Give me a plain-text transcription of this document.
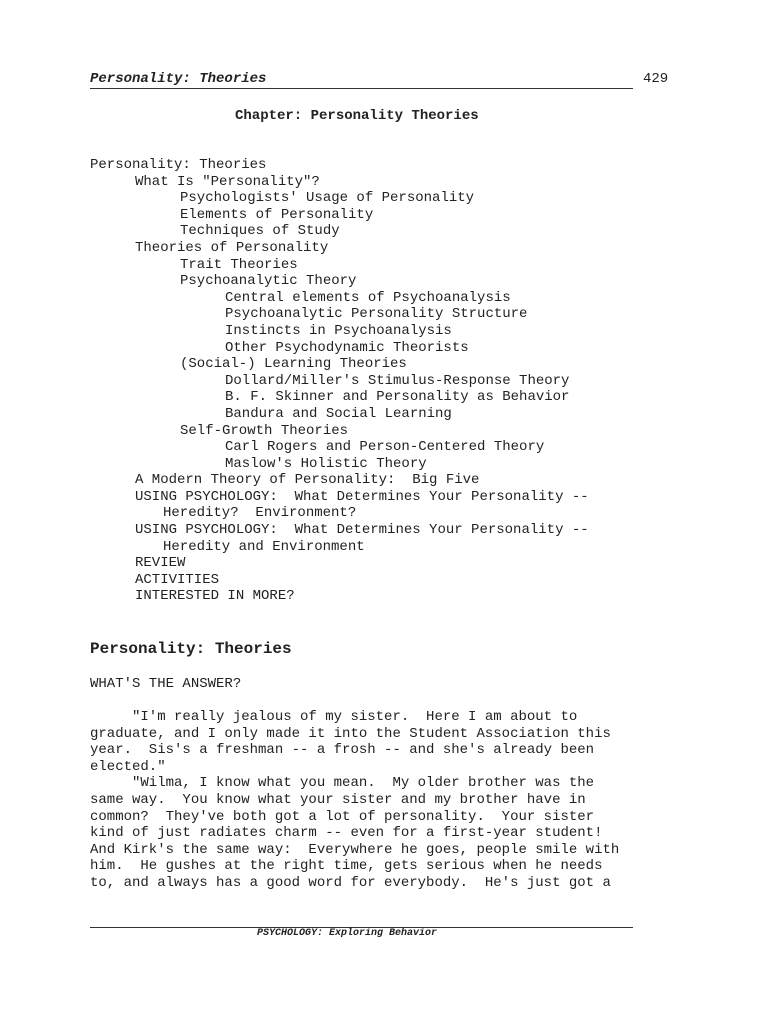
Personality: Theories	429
Chapter: Personality Theories
Personality: Theories
What Is "Personality"?
Psychologists' Usage of Personality
Elements of Personality
Techniques of Study
Theories of Personality
Trait Theories
Psychoanalytic Theory
Central elements of Psychoanalysis
Psychoanalytic Personality Structure
Instincts in Psychoanalysis
Other Psychodynamic Theorists
(Social-) Learning Theories
Dollard/Miller's Stimulus-Response Theory
B. F. Skinner and Personality as Behavior
Bandura and Social Learning
Self-Growth Theories
Carl Rogers and Person-Centered Theory
Maslow's Holistic Theory
A Modern Theory of Personality:  Big Five
USING PSYCHOLOGY:  What Determines Your Personality --
Heredity?  Environment?
USING PSYCHOLOGY:  What Determines Your Personality --
Heredity and Environment
REVIEW
ACTIVITIES
INTERESTED IN MORE?
Personality: Theories
WHAT'S THE ANSWER?
"I'm really jealous of my sister.  Here I am about to
graduate, and I only made it into the Student Association this
year.  Sis's a freshman -- a frosh -- and she's already been
elected."
"Wilma, I know what you mean.  My older brother was the
same way.  You know what your sister and my brother have in
common?  They've both got a lot of personality.  Your sister
kind of just radiates charm -- even for a first-year student!
And Kirk's the same way:  Everywhere he goes, people smile with
him.  He gushes at the right time, gets serious when he needs
to, and always has a good word for everybody.  He's just got a
PSYCHOLOGY: Exploring Behavior
